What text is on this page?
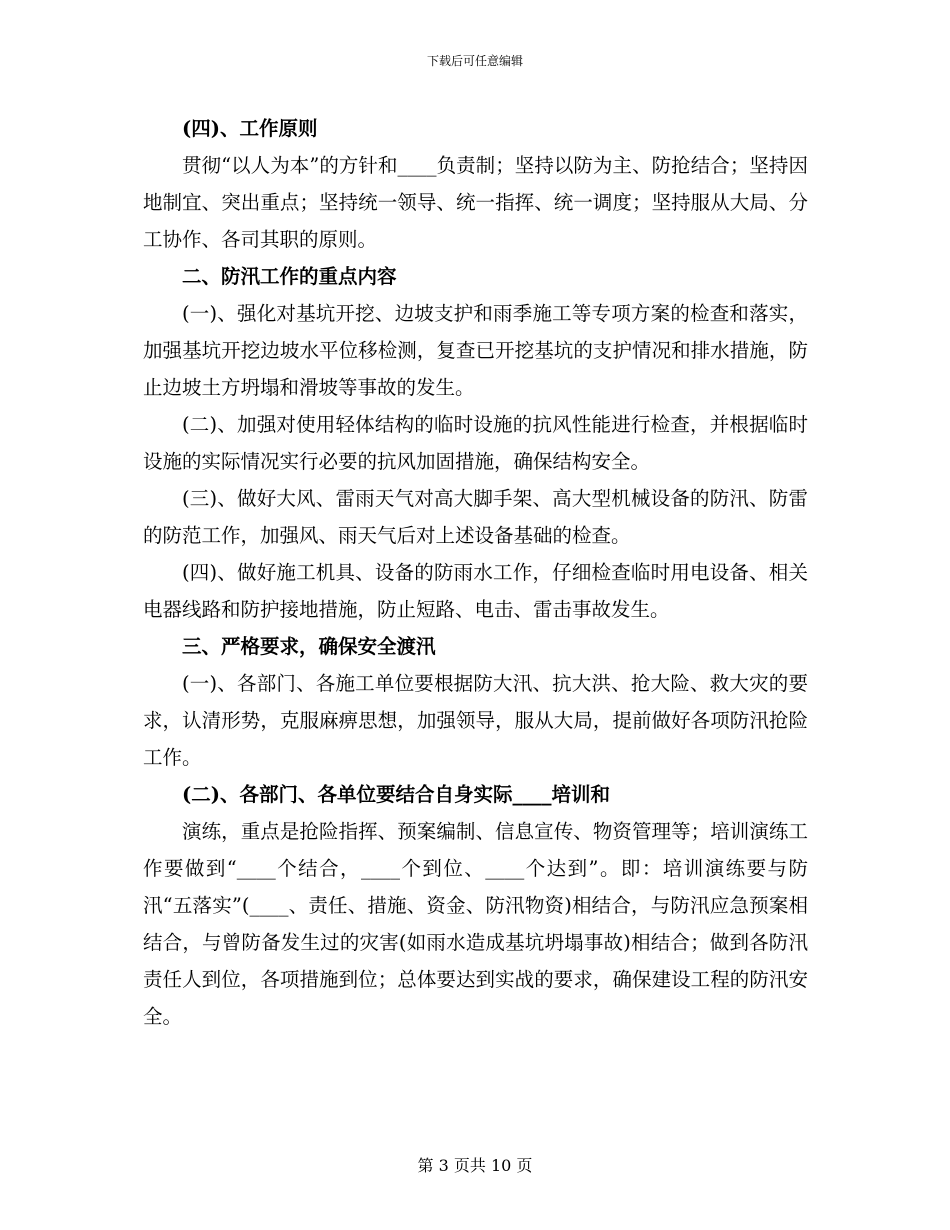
下载后可任意编辑

(四)、工作原则

贯彻“以人为本”的方针和____负责制；坚持以防为主、防抢结合；坚持因地制宜、突出重点；坚持统一领导、统一指挥、统一调度；坚持服从大局、分工协作、各司其职的原则。

二、防汛工作的重点内容

(一)、强化对基坑开挖、边坡支护和雨季施工等专项方案的检查和落实，加强基坑开挖边坡水平位移检测，复查已开挖基坑的支护情况和排水措施，防止边坡土方坍塌和滑坡等事故的发生。

(二)、加强对使用轻体结构的临时设施的抗风性能进行检查，并根据临时设施的实际情况实行必要的抗风加固措施，确保结构安全。

(三)、做好大风、雷雨天气对高大脚手架、高大型机械设备的防汛、防雷的防范工作，加强风、雨天气后对上述设备基础的检查。

(四)、做好施工机具、设备的防雨水工作，仔细检查临时用电设备、相关电器线路和防护接地措施，防止短路、电击、雷击事故发生。

三、严格要求，确保安全渡汛

(一)、各部门、各施工单位要根据防大汛、抗大洪、抢大险、救大灾的要求，认清形势，克服麻痹思想，加强领导，服从大局，提前做好各项防汛抢险工作。

(二)、各部门、各单位要结合自身实际____培训和

演练，重点是抢险指挥、预案编制、信息宣传、物资管理等；培训演练工作要做到“____个结合，____个到位、____个达到”。即：培训演练要与防汛“五落实”(____、责任、措施、资金、防汛物资)相结合，与防汛应急预案相结合，与曾防备发生过的灾害(如雨水造成基坑坍塌事故)相结合；做到各防汛责任人到位，各项措施到位；总体要达到实战的要求，确保建设工程的防汛安全。

第 3 页共 10 页
